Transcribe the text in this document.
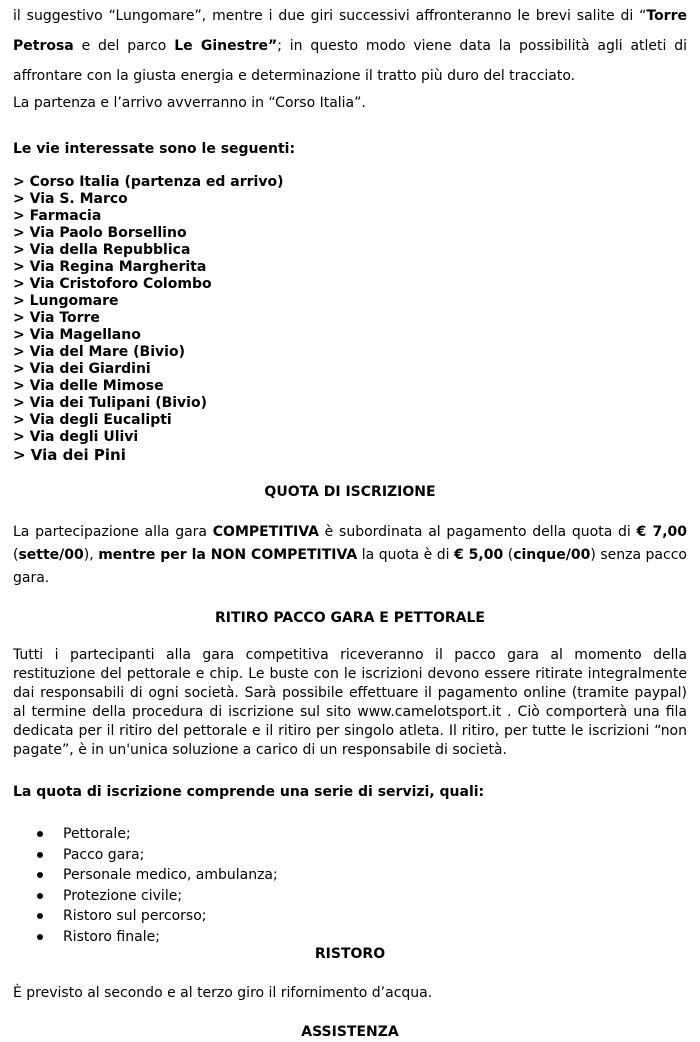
il suggestivo “Lungomare”, mentre i due giri successivi affronteranno le brevi salite di “Torre Petrosa e del parco Le Ginestre”; in questo modo viene data la possibilità agli atleti di affrontare con la giusta energia e determinazione il tratto più duro del tracciato.

La partenza e l’arrivo avverranno in “Corso Italia”.

Le vie interessate sono le seguenti:

> Corso Italia (partenza ed arrivo)
> Via S. Marco
> Farmacia
> Via Paolo Borsellino
> Via della Repubblica
> Via Regina Margherita
> Via Cristoforo Colombo
> Lungomare
> Via Torre
> Via Magellano
> Via del Mare (Bivio)
> Via dei Giardini
> Via delle Mimose
> Via dei Tulipani (Bivio)
> Via degli Eucalipti
> Via degli Ulivi
> Via dei Pini

QUOTA DI ISCRIZIONE

La partecipazione alla gara COMPETITIVA è subordinata al pagamento della quota di € 7,00 (sette/00), mentre per la NON COMPETITIVA la quota è di € 5,00 (cinque/00) senza pacco gara.

RITIRO PACCO GARA E PETTORALE

Tutti i partecipanti alla gara competitiva riceveranno il pacco gara al momento della restituzione del pettorale e chip. Le buste con le iscrizioni devono essere ritirate integralmente dai responsabili di ogni società. Sarà possibile effettuare il pagamento online (tramite paypal) al termine della procedura di iscrizione sul sito www.camelotsport.it . Ciò comporterà una fila dedicata per il ritiro del pettorale e il ritiro per singolo atleta. Il ritiro, per tutte le iscrizioni “non pagate”, è in un'unica soluzione a carico di un responsabile di società.

La quota di iscrizione comprende una serie di servizi, quali:

Pettorale;
Pacco gara;
Personale medico, ambulanza;
Protezione civile;
Ristoro sul percorso;
Ristoro finale;

RISTORO

È previsto al secondo e al terzo giro il rifornimento d’acqua.

ASSISTENZA
